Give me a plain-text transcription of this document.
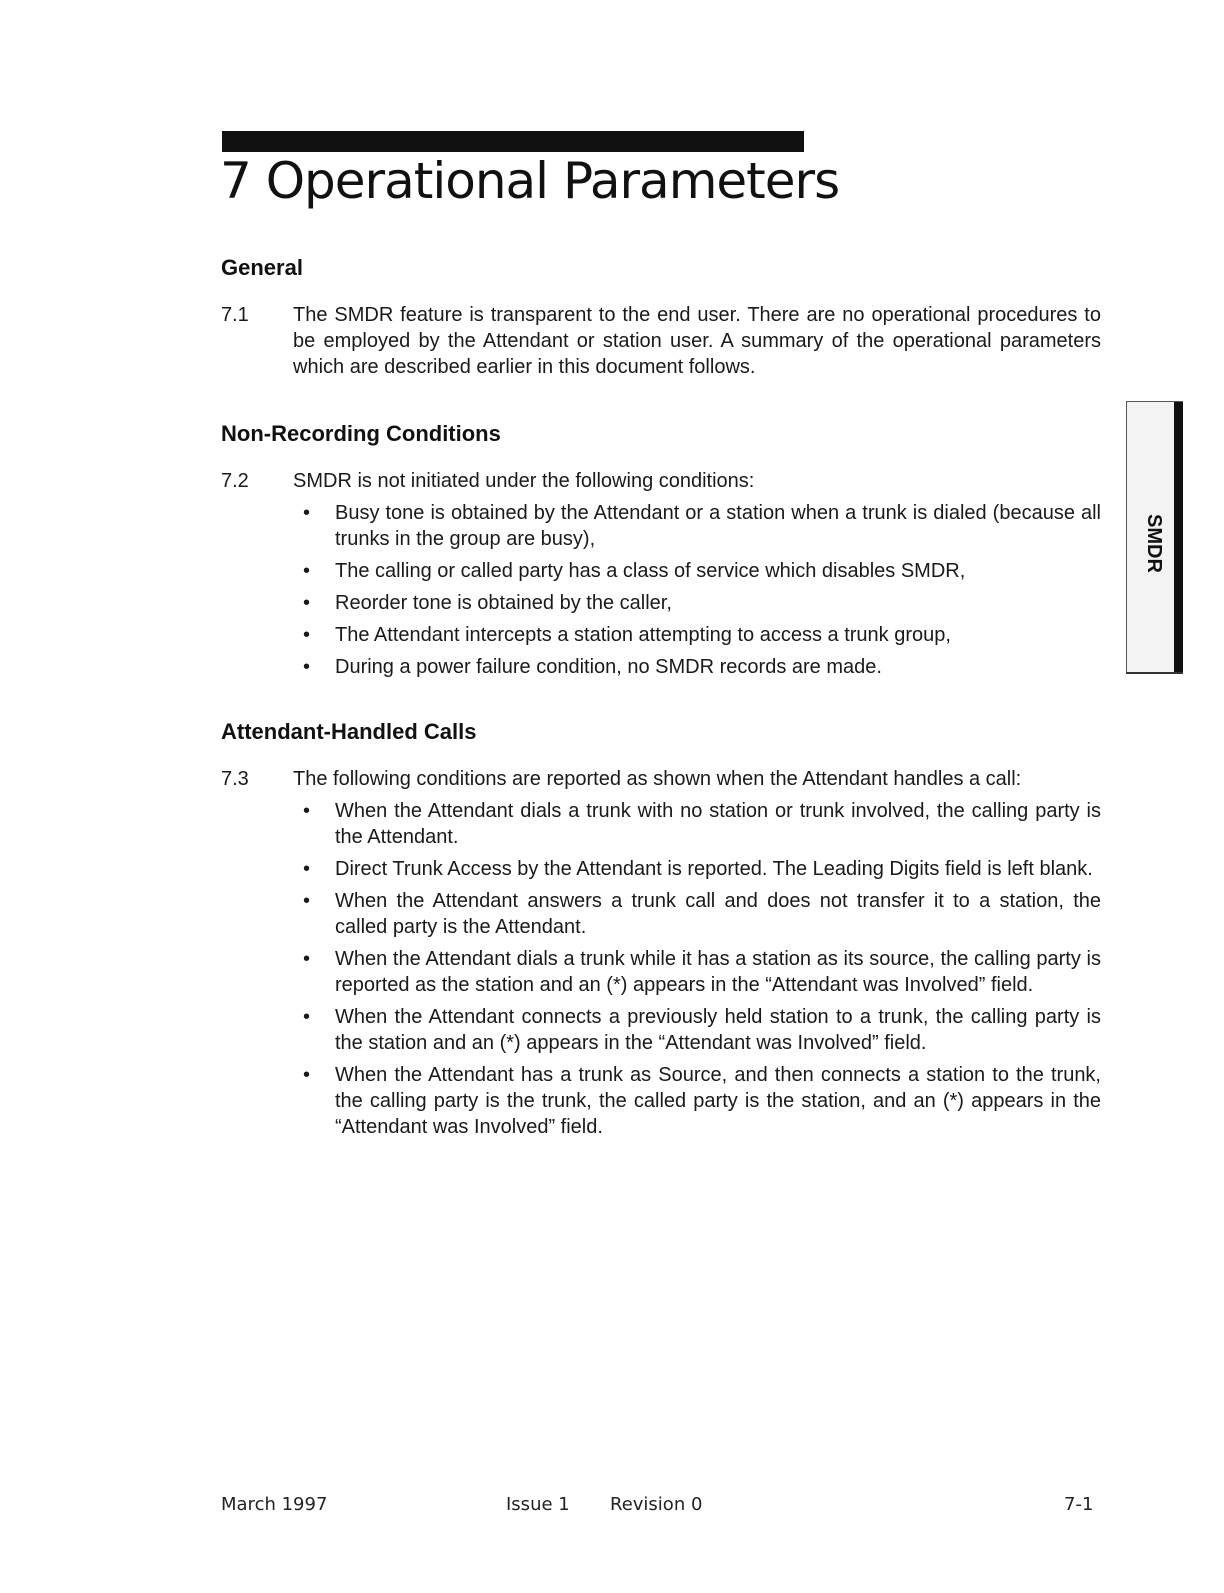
7 Operational Parameters
SMDR
General
7.1 The SMDR feature is transparent to the end user. There are no operational procedures to be employed by the Attendant or station user. A summary of the operational parameters which are described earlier in this document follows.
Non-Recording Conditions
7.2 SMDR is not initiated under the following conditions:
• Busy tone is obtained by the Attendant or a station when a trunk is dialed (because all trunks in the group are busy),
• The calling or called party has a class of service which disables SMDR,
• Reorder tone is obtained by the caller,
• The Attendant intercepts a station attempting to access a trunk group,
• During a power failure condition, no SMDR records are made.
Attendant-Handled Calls
7.3 The following conditions are reported as shown when the Attendant handles a call:
• When the Attendant dials a trunk with no station or trunk involved, the calling party is the Attendant.
• Direct Trunk Access by the Attendant is reported. The Leading Digits field is left blank.
• When the Attendant answers a trunk call and does not transfer it to a station, the called party is the Attendant.
• When the Attendant dials a trunk while it has a station as its source, the calling party is reported as the station and an (*) appears in the “Attendant was Involved” field.
• When the Attendant connects a previously held station to a trunk, the calling party is the station and an (*) appears in the “Attendant was Involved” field.
• When the Attendant has a trunk as Source, and then connects a station to the trunk, the calling party is the trunk, the called party is the station, and an (*) appears in the “Attendant was Involved” field.
March 1997	Issue 1 Revision 0	7-1
